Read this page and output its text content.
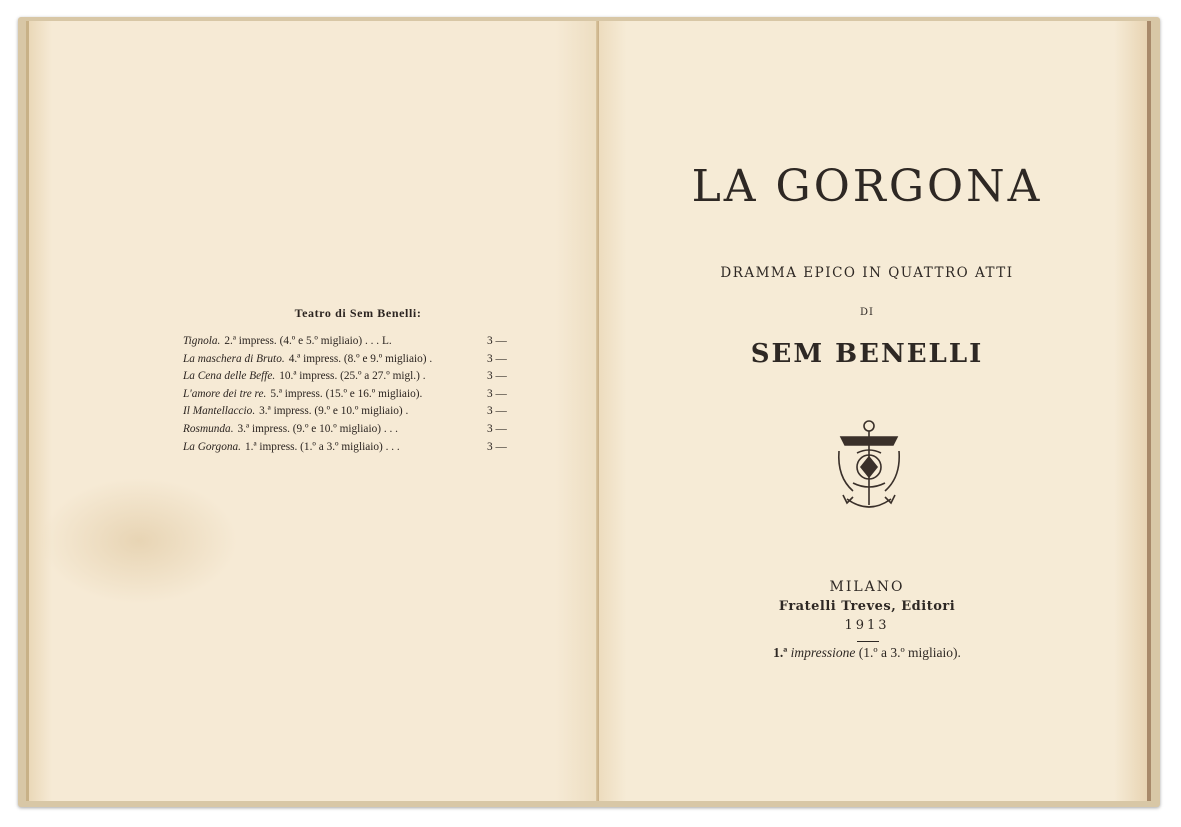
Teatro di Sem Benelli:
Tignola. 2.ª impress. (4.º e 5.º migliaio) . . . L.	3 —
La maschera di Bruto. 4.ª impress. (8.º e 9.º migliaio) .	3 —
La Cena delle Beffe. 10.ª impress. (25.º a 27.º migl.) .	3 —
L'amore dei tre re. 5.ª impress. (15.º e 16.º migliaio).	3 —
Il Mantellaccio. 3.ª impress. (9.º e 10.º migliaio) .	3 —
Rosmunda. 3.ª impress. (9.º e 10.º migliaio) . . .	3 —
La Gorgona. 1.ª impress. (1.º a 3.º migliaio) . . .	3 —
LA GORGONA
DRAMMA EPICO IN QUATTRO ATTI
DI
SEM BENELLI
MILANO
Fratelli Treves, Editori
1913
1.ª impressione (1.º a 3.º migliaio).
